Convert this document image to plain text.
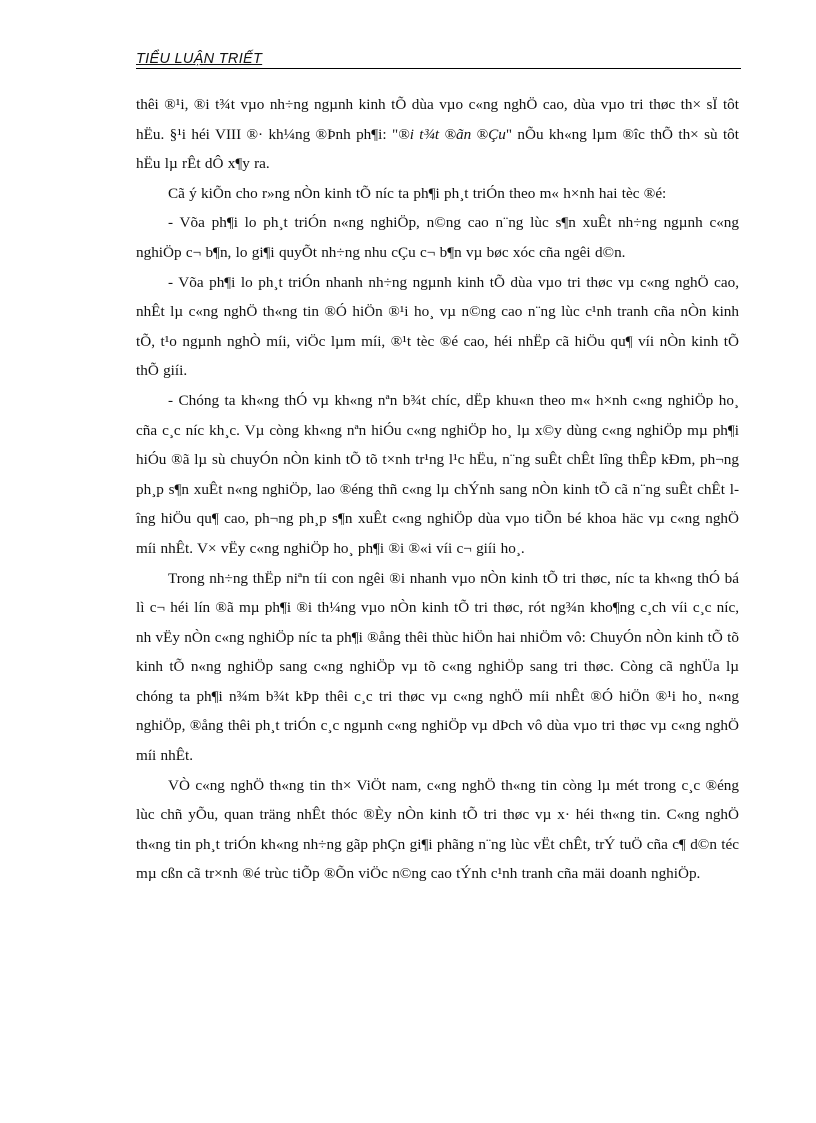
TIỂU LUẬN TRIẾT

thêi ®¹i, ®i t¾t vµo nh÷ng ngµnh kinh tÕ dùa vµo c«ng nghÖ cao, dùa vµo tri thøc th× sÏ tôt hËu. §¹i héi VIII ®· kh¼ng ®Þnh ph¶i: "®i t¾t ®ãn ®Çu" nÕu kh«ng lµm ®îc thÕ th× sù tôt hËu lµ rÊt dÔ x¶y ra.

Cã ý kiÕn cho r»ng nÒn kinh tÕ níc ta ph¶i ph¸t triÓn theo m« h×nh hai tèc ®é:

- Võa ph¶i lo ph¸t triÓn n«ng nghiÖp, n©ng cao n¨ng lùc s¶n xuÊt nh÷ng ngµnh c«ng nghiÖp c¬ b¶n, lo gi¶i quyÕt nh÷ng nhu cÇu c¬ b¶n vµ bøc xóc cña ngêi d©n.

- Võa ph¶i lo ph¸t triÓn nhanh nh÷ng ngµnh kinh tÕ dùa vµo tri thøc vµ c«ng nghÖ cao, nhÊt lµ c«ng nghÖ th«ng tin ®Ó hiÖn ®¹i ho¸ vµ n©ng cao n¨ng lùc c¹nh tranh cña nÒn kinh tÕ, t¹o ngµnh nghÒ míi, viÖc lµm míi, ®¹t tèc ®é cao, héi nhËp cã hiÖu qu¶ víi nÒn kinh tÕ thÕ giíi.

- Chóng ta kh«ng thÓ vµ kh«ng nªn b¾t chíc, dËp khu«n theo m« h×nh c«ng nghiÖp ho¸ cña c¸c níc kh¸c. Vµ còng kh«ng nªn hiÓu c«ng nghiÖp ho¸ lµ x©y dùng c«ng nghiÖp mµ ph¶i hiÓu ®ã lµ sù chuyÓn nÒn kinh tÕ tõ t×nh tr¹ng l¹c hËu, n¨ng suÊt chÊt lîng thÊp kÐm, ph¬ng ph¸p s¶n xuÊt n«ng nghiÖp, lao ®éng thñ c«ng lµ chÝnh sang nÒn kinh tÕ cã n¨ng suÊt chÊt lîng hiÖu qu¶ cao, ph¬ng ph¸p s¶n xuÊt c«ng nghiÖp dùa vµo tiÕn bé khoa häc vµ c«ng nghÖ míi nhÊt. V× vËy c«ng nghiÖp ho¸ ph¶i ®i ®«i víi c¬ giíi ho¸.

Trong nh÷ng thËp niªn tíi con ngêi ®i nhanh vµo nÒn kinh tÕ tri thøc, níc ta kh«ng thÓ bá lì c¬ héi lín ®ã mµ ph¶i ®i th¼ng vµo nÒn kinh tÕ tri thøc, rót ng¾n kho¶ng c¸ch víi c¸c níc, nh vËy nÒn c«ng nghiÖp níc ta ph¶i ®ång thêi thùc hiÖn hai nhiÖm vô: ChuyÓn nÒn kinh tÕ tõ kinh tÕ n«ng nghiÖp sang c«ng nghiÖp vµ tõ c«ng nghiÖp sang tri thøc. Còng cã nghÜa lµ chóng ta ph¶i n¾m b¾t kÞp thêi c¸c tri thøc vµ c«ng nghÖ míi nhÊt ®Ó hiÖn ®¹i ho¸ n«ng nghiÖp, ®ång thêi ph¸t triÓn c¸c ngµnh c«ng nghiÖp vµ dÞch vô dùa vµo tri thøc vµ c«ng nghÖ míi nhÊt.

VÒ c«ng nghÖ th«ng tin th× ViÖt nam, c«ng nghÖ th«ng tin còng lµ mét trong c¸c ®éng lùc chñ yÕu, quan träng nhÊt thóc ®Èy nÒn kinh tÕ tri thøc vµ x· héi th«ng tin. C«ng nghÖ th«ng tin ph¸t triÓn kh«ng nh÷ng gãp phÇn gi¶i phãng n¨ng lùc vËt chÊt, trÝ tuÖ cña c¶ d©n téc mµ cßn cã tr×nh ®é trùc tiÕp ®Õn viÖc n©ng cao tÝnh c¹nh tranh cña mäi doanh nghiÖp.
